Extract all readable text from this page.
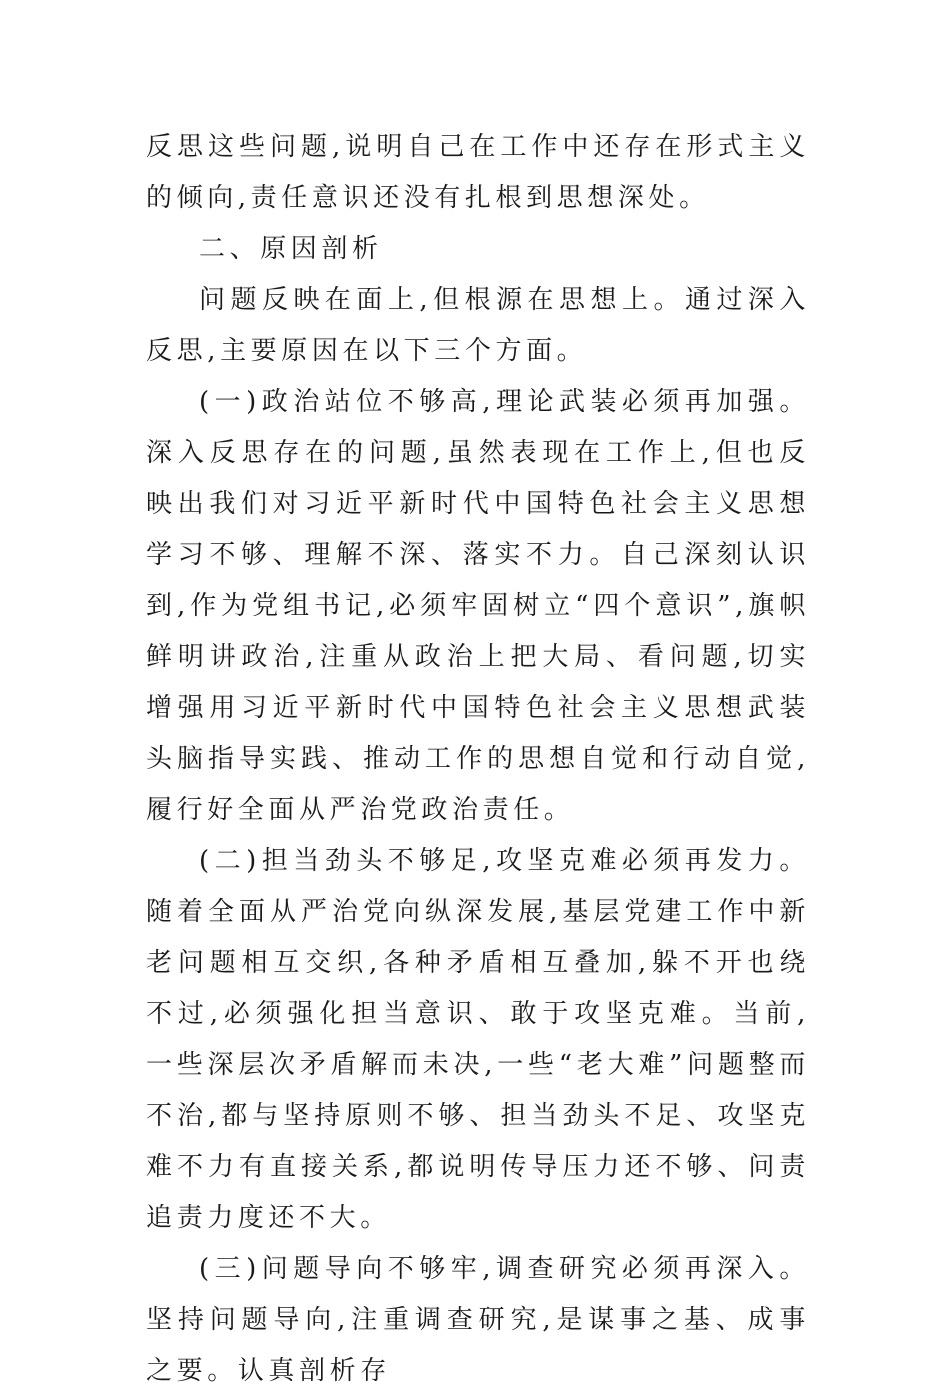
反思这些问题,说明自己在工作中还存在形式主义的倾向,责任意识还没有扎根到思想深处。

二、原因剖析

问题反映在面上,但根源在思想上。通过深入反思,主要原因在以下三个方面。

(一)政治站位不够高,理论武装必须再加强。深入反思存在的问题,虽然表现在工作上,但也反映出我们对习近平新时代中国特色社会主义思想学习不够、理解不深、落实不力。自己深刻认识到,作为党组书记,必须牢固树立“四个意识”,旗帜鲜明讲政治,注重从政治上把大局、看问题,切实增强用习近平新时代中国特色社会主义思想武装头脑指导实践、推动工作的思想自觉和行动自觉,履行好全面从严治党政治责任。

(二)担当劲头不够足,攻坚克难必须再发力。随着全面从严治党向纵深发展,基层党建工作中新老问题相互交织,各种矛盾相互叠加,躲不开也绕不过,必须强化担当意识、敢于攻坚克难。当前,一些深层次矛盾解而未决,一些“老大难”问题整而不治,都与坚持原则不够、担当劲头不足、攻坚克难不力有直接关系,都说明传导压力还不够、问责追责力度还不大。

(三)问题导向不够牢,调查研究必须再深入。坚持问题导向,注重调查研究,是谋事之基、成事之要。认真剖析存
